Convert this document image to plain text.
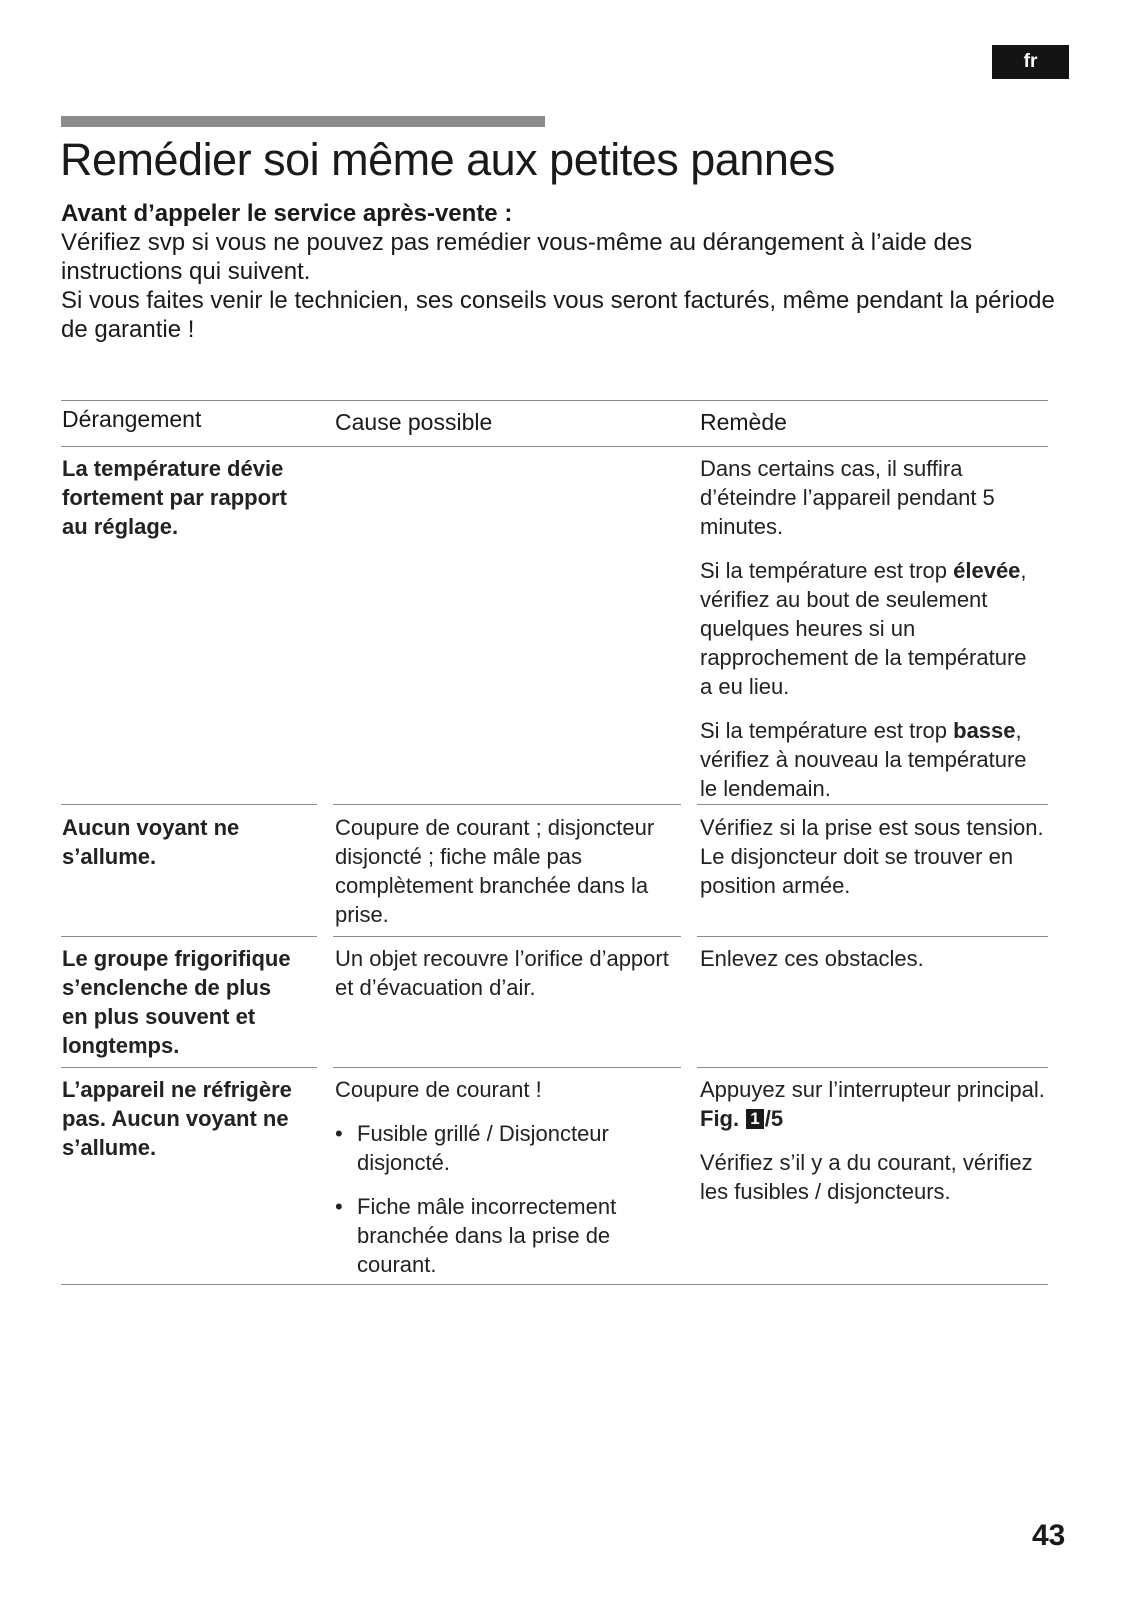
fr
Remédier soi même aux petites pannes

Avant d’appeler le service après-vente :

Vérifiez svp si vous ne pouvez pas remédier vous-même au dérangement à l’aide des instructions qui suivent.

Si vous faites venir le technicien, ses conseils vous seront facturés, même pendant la période de garantie !

Dérangement	Cause possible	Remède
La température dévie fortement par rapport au réglage.

Dans certains cas, il suffira d’éteindre l’appareil pendant 5 minutes.

Si la température est trop élevée, vérifiez au bout de seulement quelques heures si un rapprochement de la température a eu lieu.

Si la température est trop basse, vérifiez à nouveau la température le lendemain.

Aucun voyant ne s’allume.
Coupure de courant ; disjoncteur disjoncté ; fiche mâle pas complètement branchée dans la prise.
Vérifiez si la prise est sous tension. Le disjoncteur doit se trouver en position armée.
Le groupe frigorifique s’enclenche de plus en plus souvent et longtemps.
Un objet recouvre l’orifice d’apport et d’évacuation d’air.
Enlevez ces obstacles.
L’appareil ne réfrigère pas. Aucun voyant ne s’allume.
Coupure de courant !
• Fusible grillé / Disjoncteur disjoncté.
• Fiche mâle incorrectement branchée dans la prise de courant.

Appuyez sur l’interrupteur principal.
Fig. 1 /5

Vérifiez s’il y a du courant, vérifiez les fusibles / disjoncteurs.

43
